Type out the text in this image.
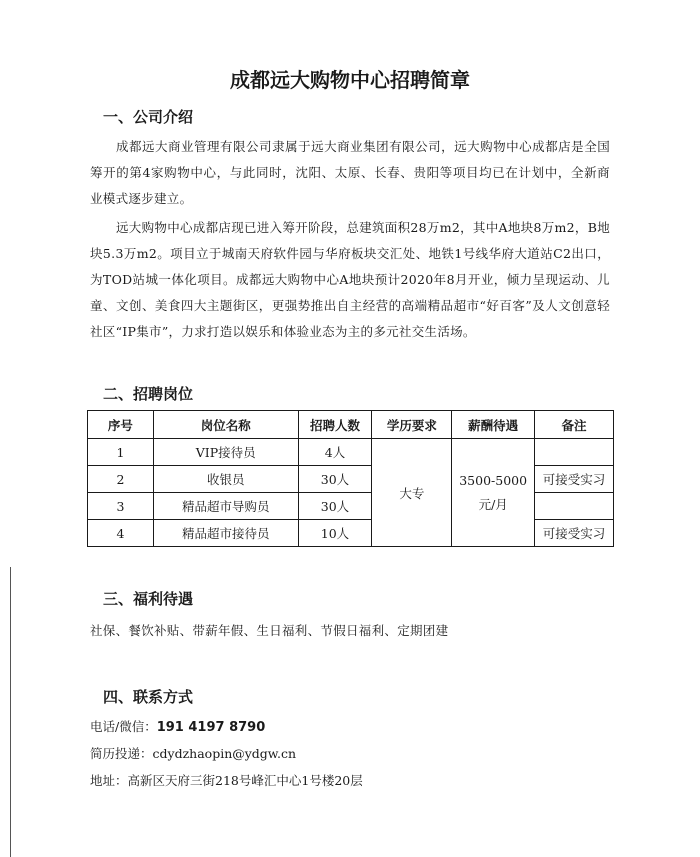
成都远大购物中心招聘简章
一、公司介绍
成都远大商业管理有限公司隶属于远大商业集团有限公司，远大购物中心成都店是全国筹开的第4家购物中心，与此同时，沈阳、太原、长春、贵阳等项目均已在计划中，全新商业模式逐步建立。
远大购物中心成都店现已进入筹开阶段，总建筑面积28万m2，其中A地块8万m2，B地块5.3万m2。项目立于城南天府软件园与华府板块交汇处、地铁1号线华府大道站C2出口，为TOD站城一体化项目。成都远大购物中心A地块预计2020年8月开业，倾力呈现运动、儿童、文创、美食四大主题街区，更强势推出自主经营的高端精品超市“好百客”及人文创意轻社区“IP集市”，力求打造以娱乐和体验业态为主的多元社交生活场。
二、招聘岗位
序号	岗位名称	招聘人数	学历要求	薪酬待遇	备注
1	VIP接待员	4人	大专	3500-5000
元/月	
2	收银员	30人			可接受实习
3	精品超市导购员	30人			
4	精品超市接待员	10人			可接受实习
三、福利待遇
社保、餐饮补贴、带薪年假、生日福利、节假日福利、定期团建
四、联系方式
电话/微信：191 4197 8790
简历投递：cdydzhaopin@ydgw.cn
地址：高新区天府三街218号峰汇中心1号楼20层
